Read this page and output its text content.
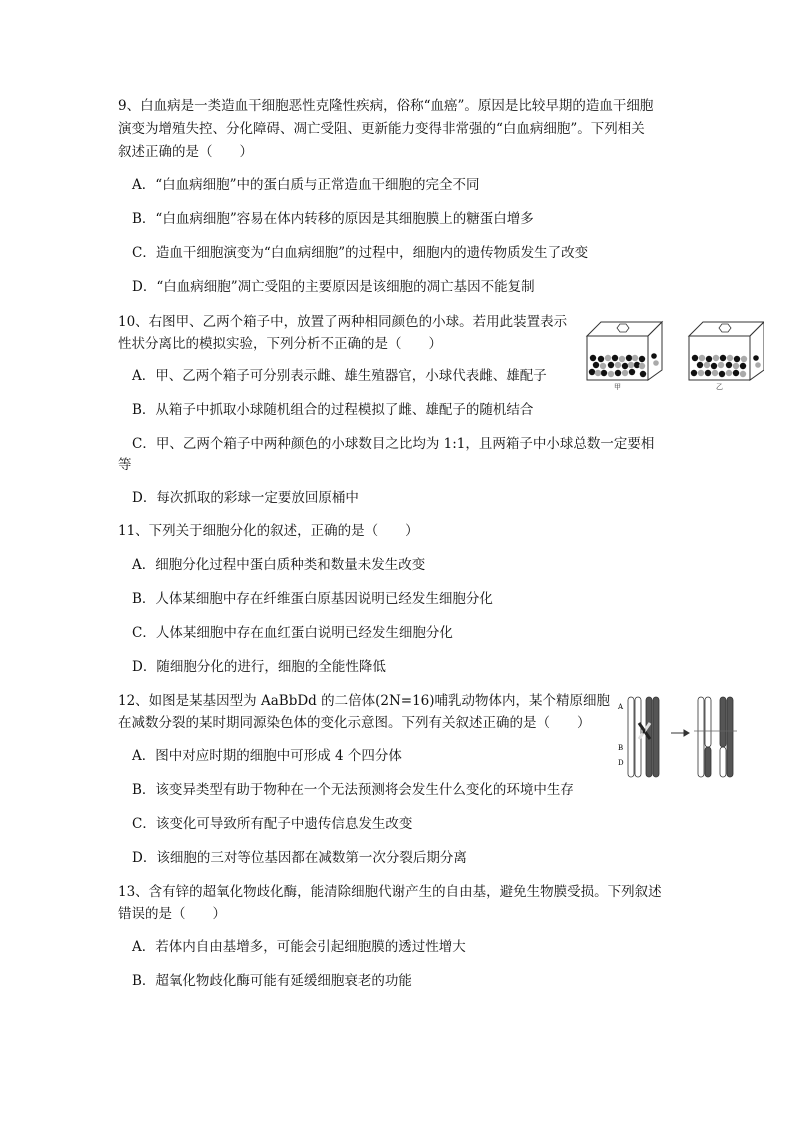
9、白血病是一类造血干细胞恶性克隆性疾病，俗称“血癌”。原因是比较早期的造血干细胞
演变为增殖失控、分化障碍、凋亡受阻、更新能力变得非常强的“白血病细胞”。下列相关
叙述正确的是（　　）
A．“白血病细胞”中的蛋白质与正常造血干细胞的完全不同
B．“白血病细胞”容易在体内转移的原因是其细胞膜上的糖蛋白增多
C．造血干细胞演变为“白血病细胞”的过程中，细胞内的遗传物质发生了改变
D．“白血病细胞”凋亡受阻的主要原因是该细胞的凋亡基因不能复制
10、右图甲、乙两个箱子中，放置了两种相同颜色的小球。若用此装置表示
性状分离比的模拟实验，下列分析不正确的是（　　）
A．甲、乙两个箱子可分别表示雌、雄生殖器官，小球代表雌、雄配子
B．从箱子中抓取小球随机组合的过程模拟了雌、雄配子的随机结合
C．甲、乙两个箱子中两种颜色的小球数目之比均为 1:1，且两箱子中小球总数一定要相
等
D．每次抓取的彩球一定要放回原桶中
甲	乙
11、下列关于细胞分化的叙述，正确的是（　　）
A．细胞分化过程中蛋白质种类和数量未发生改变
B．人体某细胞中存在纤维蛋白原基因说明已经发生细胞分化
C．人体某细胞中存在血红蛋白说明已经发生细胞分化
D．随细胞分化的进行，细胞的全能性降低
12、如图是某基因型为 AaBbDd 的二倍体(2N=16)哺乳动物体内，某个精原细胞
在减数分裂的某时期同源染色体的变化示意图。下列有关叙述正确的是（　　）
A．图中对应时期的细胞中可形成 4 个四分体
B．该变异类型有助于物种在一个无法预测将会发生什么变化的环境中生存
C．该变化可导致所有配子中遗传信息发生改变
D．该细胞的三对等位基因都在减数第一次分裂后期分离
A
B
D
13、含有锌的超氧化物歧化酶，能清除细胞代谢产生的自由基，避免生物膜受损。下列叙述
错误的是（　　）
A．若体内自由基增多，可能会引起细胞膜的透过性增大
B．超氧化物歧化酶可能有延缓细胞衰老的功能
